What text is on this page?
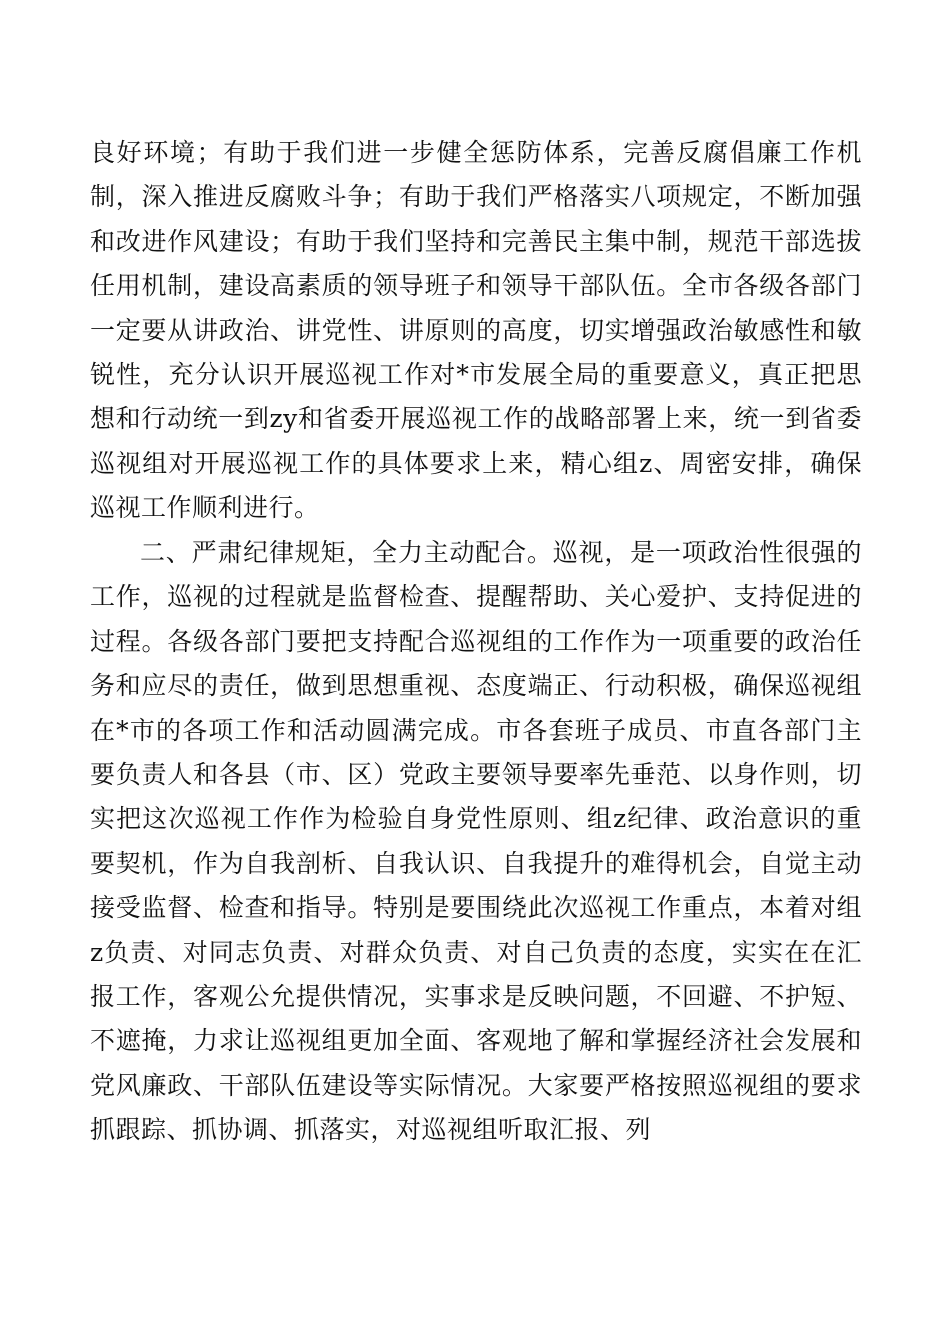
良好环境；有助于我们进一步健全惩防体系，完善反腐倡廉工作机制，深入推进反腐败斗争；有助于我们严格落实八项规定，不断加强和改进作风建设；有助于我们坚持和完善民主集中制，规范干部选拔任用机制，建设高素质的领导班子和领导干部队伍。全市各级各部门一定要从讲政治、讲党性、讲原则的高度，切实增强政治敏感性和敏锐性，充分认识开展巡视工作对*市发展全局的重要意义，真正把思想和行动统一到zy和省委开展巡视工作的战略部署上来，统一到省委巡视组对开展巡视工作的具体要求上来，精心组z、周密安排，确保巡视工作顺利进行。

二、严肃纪律规矩，全力主动配合。巡视，是一项政治性很强的工作，巡视的过程就是监督检查、提醒帮助、关心爱护、支持促进的过程。各级各部门要把支持配合巡视组的工作作为一项重要的政治任务和应尽的责任，做到思想重视、态度端正、行动积极，确保巡视组在*市的各项工作和活动圆满完成。市各套班子成员、市直各部门主要负责人和各县（市、区）党政主要领导要率先垂范、以身作则，切实把这次巡视工作作为检验自身党性原则、组z纪律、政治意识的重要契机，作为自我剖析、自我认识、自我提升的难得机会，自觉主动接受监督、检查和指导。特别是要围绕此次巡视工作重点，本着对组z负责、对同志负责、对群众负责、对自己负责的态度，实实在在汇报工作，客观公允提供情况，实事求是反映问题，不回避、不护短、不遮掩，力求让巡视组更加全面、客观地了解和掌握经济社会发展和党风廉政、干部队伍建设等实际情况。大家要严格按照巡视组的要求抓跟踪、抓协调、抓落实，对巡视组听取汇报、列
